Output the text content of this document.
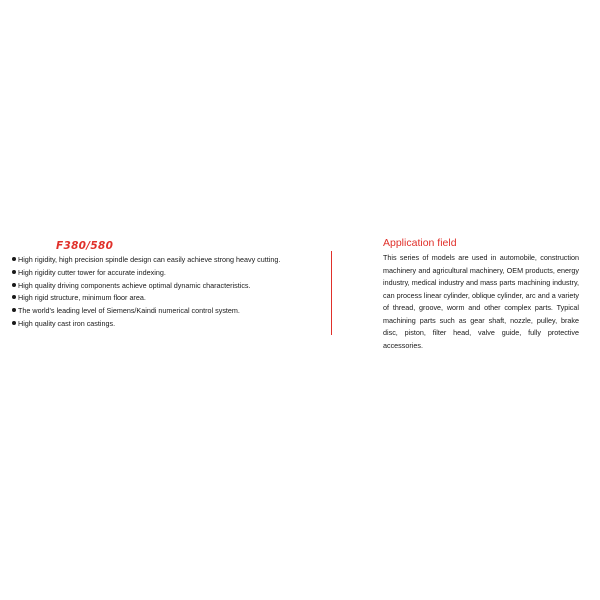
F380/580
High rigidity, high precision spindle design can easily achieve strong heavy cutting.
High rigidity cutter tower for accurate indexing.
High quality driving components achieve optimal dynamic characteristics.
High rigid structure, minimum floor area.
The world's leading level of Siemens/Kaindi numerical control system.
High quality cast iron castings.
Application field

This series of models are used in automobile, construction machinery and agricultural machinery, OEM products, energy industry, medical industry and mass parts machining industry, can process linear cylinder, oblique cylinder, arc and a variety of thread, groove, worm and other complex parts. Typical machining parts such as gear shaft, nozzle, pulley, brake disc, piston, filter head, valve guide, fully protective accessories.
